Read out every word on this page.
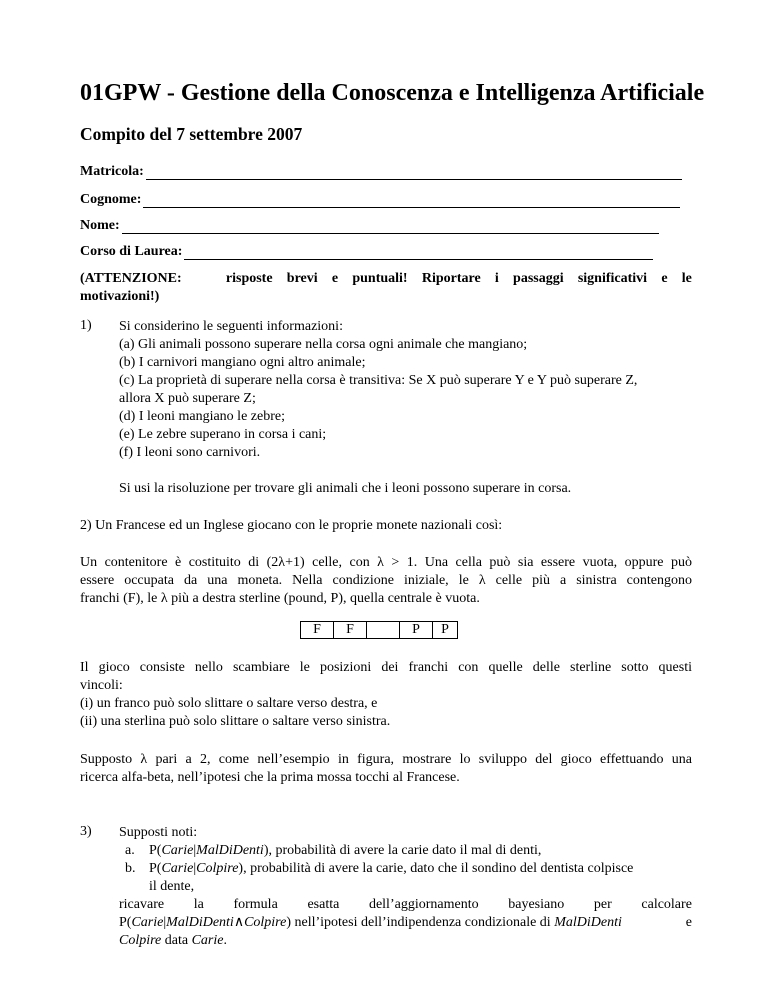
01GPW - Gestione della Conoscenza e Intelligenza Artificiale
Compito del 7 settembre 2007
Matricola:
Cognome:
Nome:
Corso di Laurea:
(ATTENZIONE:	risposte brevi e puntuali! Riportare i passaggi significativi e le
motivazioni!)
1) Si considerino le seguenti informazioni:
(a) Gli animali possono superare nella corsa ogni animale che mangiano;
(b) I carnivori mangiano ogni altro animale;
(c) La proprietà di superare nella corsa è transitiva: Se X può superare Y e Y può superare Z,
allora X può superare Z;
(d) I leoni mangiano le zebre;
(e) Le zebre superano in corsa i cani;
(f) I leoni sono carnivori.
Si usi la risoluzione per trovare gli animali che i leoni possono superare in corsa.
2) Un Francese ed un Inglese giocano con le proprie monete nazionali così:
Un contenitore è costituito di (2λ+1) celle, con λ > 1. Una cella può sia essere vuota, oppure può
essere occupata da una moneta. Nella condizione iniziale, le λ celle più a sinistra contengono
franchi (F), le λ più a destra sterline (pound, P), quella centrale è vuota.
F	F		P	P
Il gioco consiste nello scambiare le posizioni dei franchi con quelle delle sterline sotto questi
vincoli:
(i) un franco può solo slittare o saltare verso destra, e
(ii) una sterlina può solo slittare o saltare verso sinistra.
Supposto λ pari a 2, come nell’esempio in figura, mostrare lo sviluppo del gioco effettuando una
ricerca alfa-beta, nell’ipotesi che la prima mossa tocchi al Francese.
3) Supposti noti:
a. P(Carie|MalDiDenti), probabilità di avere la carie dato il mal di denti,
b. P(Carie|Colpire), probabilità di avere la carie, dato che il sondino del dentista colpisce
il dente,
ricavare la formula esatta dell’aggiornamento bayesiano per calcolare
P(Carie|MalDiDenti∧Colpire) nell’ipotesi dell’indipendenza condizionale di MalDiDenti	e
Colpire data Carie.
